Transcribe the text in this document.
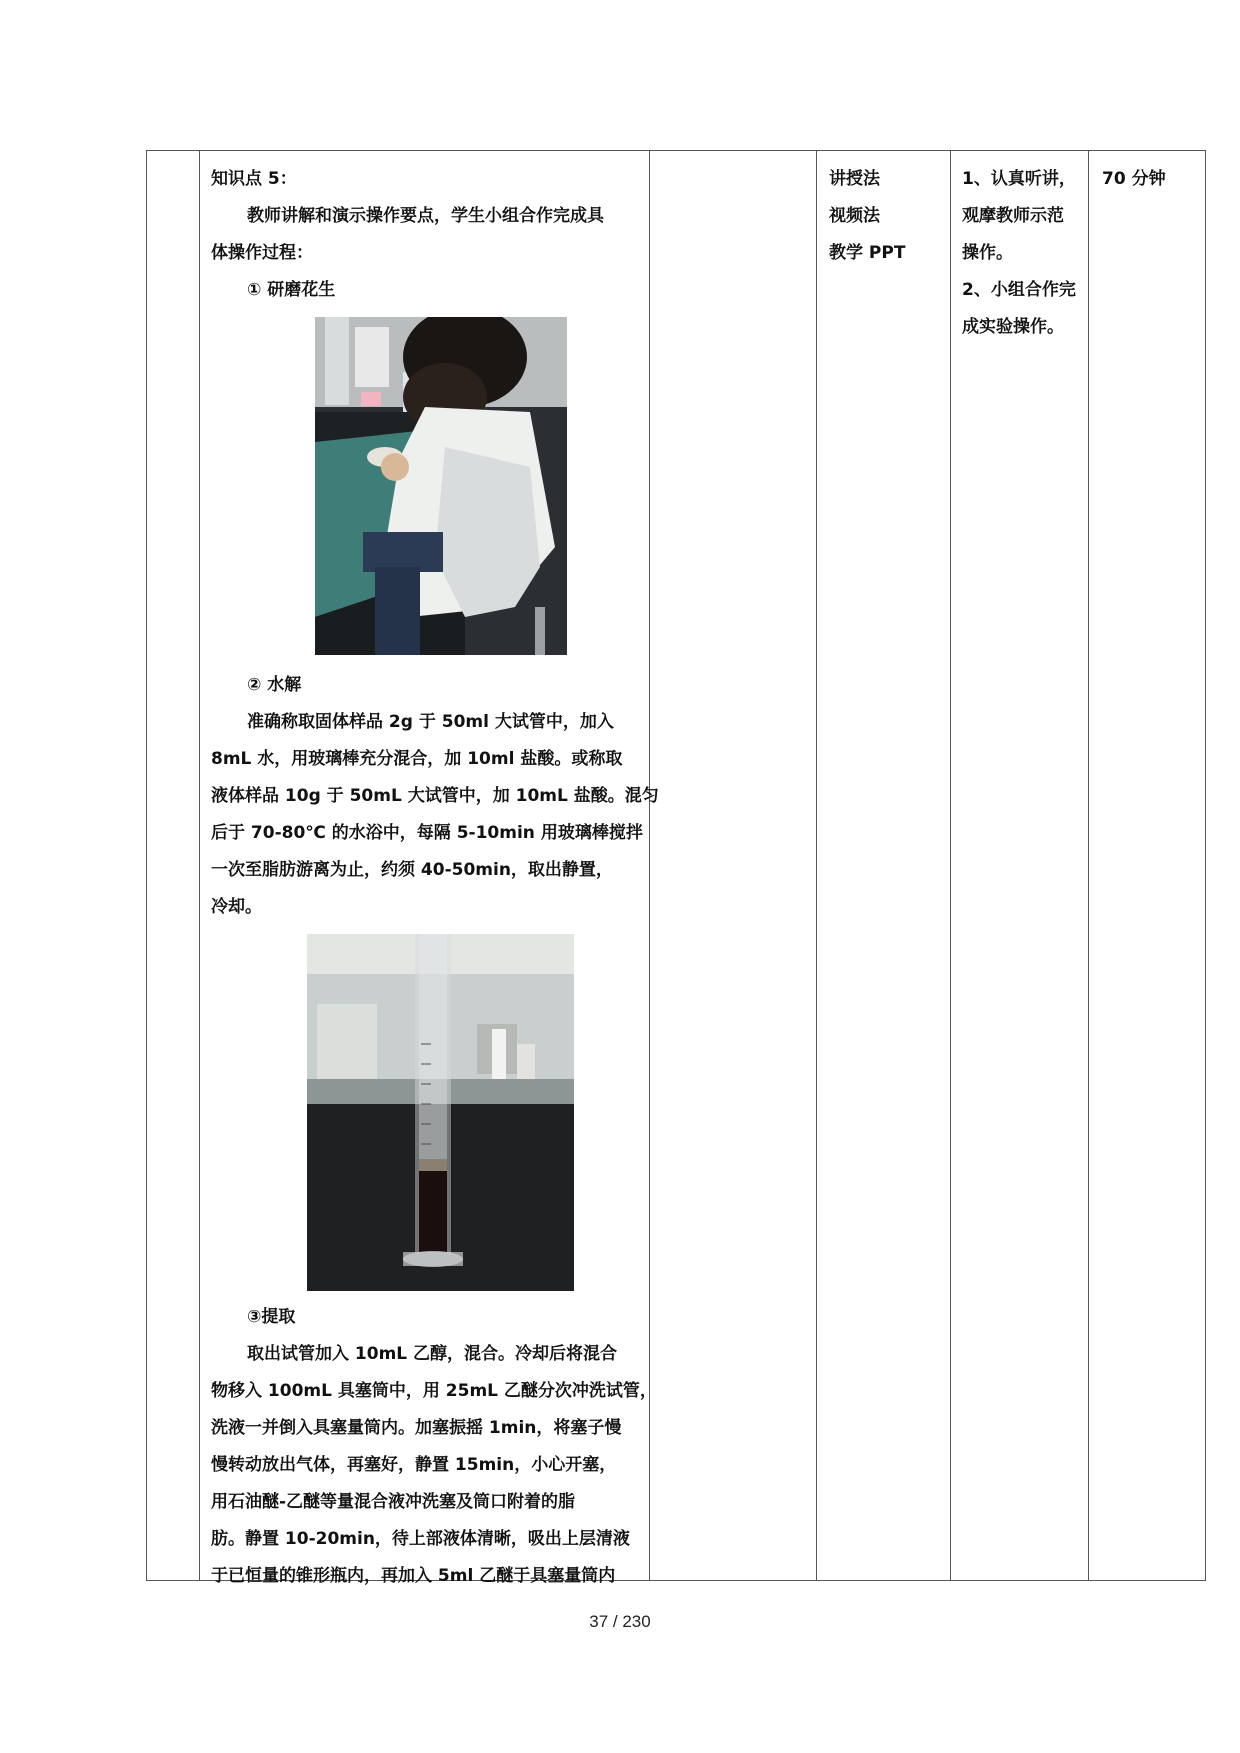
知识点 5：
教师讲解和演示操作要点，学生小组合作完成具
体操作过程：
① 研磨花生
② 水解
准确称取固体样品 2g 于 50ml 大试管中，加入
8mL 水，用玻璃棒充分混合，加 10ml 盐酸。或称取
液体样品 10g 于 50mL 大试管中，加 10mL 盐酸。混匀
后于 70-80℃ 的水浴中，每隔 5-10min 用玻璃棒搅拌
一次至脂肪游离为止，约须 40-50min，取出静置，
冷却。
③提取
取出试管加入 10mL 乙醇，混合。冷却后将混合
物移入 100mL 具塞筒中，用 25mL 乙醚分次冲洗试管，
洗液一并倒入具塞量筒内。加塞振摇 1min，将塞子慢
慢转动放出气体，再塞好，静置 15min，小心开塞，
用石油醚-乙醚等量混合液冲洗塞及筒口附着的脂
肪。静置 10-20min，待上部液体清晰，吸出上层清液
于已恒量的锥形瓶内，再加入 5ml 乙醚于具塞量筒内
讲授法
视频法
教学 PPT
1、认真听讲，
观摩教师示范
操作。
2、小组合作完
成实验操作。
70 分钟
37 / 230
